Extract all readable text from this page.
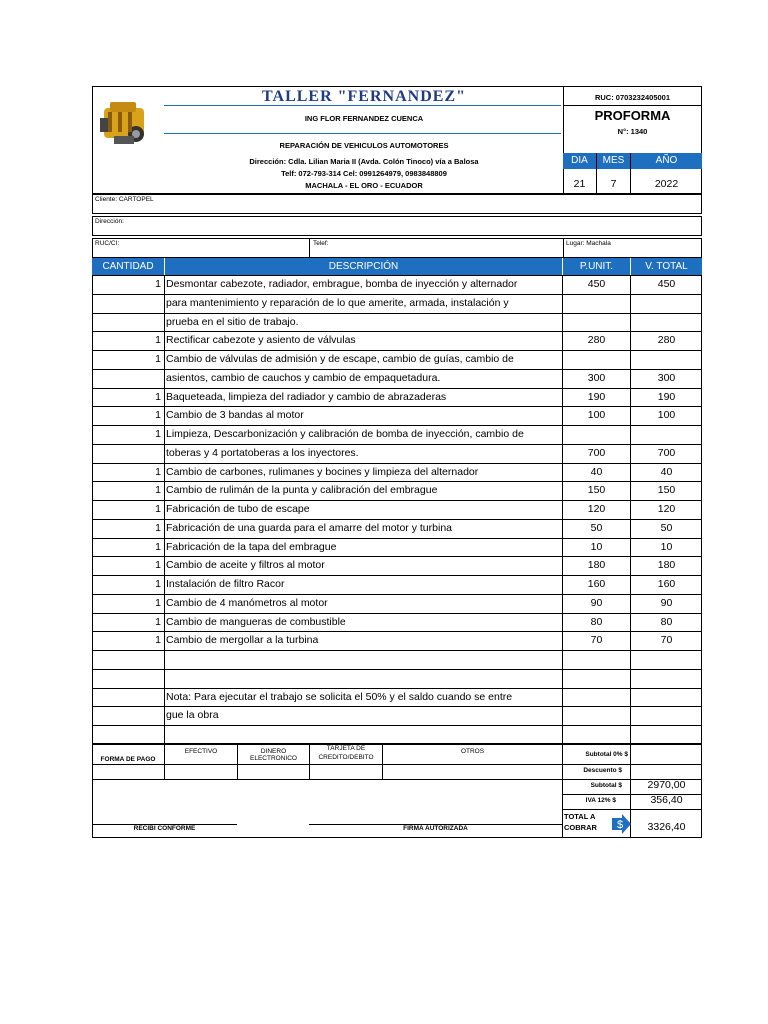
TALLER "FERNANDEZ"
ING FLOR FERNANDEZ CUENCA
REPARACIÓN DE VEHICULOS AUTOMOTORES
Dirección: Cdla. Lilian Maria II (Avda. Colón Tinoco) vía a Balosa
Telf: 072-793-314 Cel: 0991264979, 0983848809
MACHALA - EL ORO - ECUADOR
RUC: 0703232405001
PROFORMA
N°: 1340
DIA	MES	AÑO
21	7	2022
Cliente: CARTOPEL
Dirección:
RUC/CI:	Telef:	Lugar: Machala
CANTIDAD	DESCRIPCIÓN	P.UNIT.	V. TOTAL
1 Desmontar cabezote, radiador, embrague, bomba de inyección y alternador	450	450
para mantenimiento y reparación de lo que amerite, armada, instalación y
prueba en el sitio de trabajo.
1 Rectificar cabezote y asiento de válvulas	280	280
1 Cambio de válvulas de admisión y de escape, cambio de guías, cambio de
asientos, cambio de cauchos y cambio de empaquetadura.	300	300
1 Baqueteada, limpieza del radiador y cambio de abrazaderas	190	190
1 Cambio de 3 bandas al motor	100	100
1 Limpieza, Descarbonización y calibración de bomba de inyección, cambio de
toberas y 4 portatoberas a los inyectores.	700	700
1 Cambio de carbones, rulimanes y bocines y limpieza del alternador	40	40
1 Cambio de rulimán de la punta y calibración del embrague	150	150
1 Fabricación de tubo de escape	120	120
1 Fabricación de una guarda para el amarre del motor y turbina	50	50
1 Fabricación de la tapa del embrague	10	10
1 Cambio de aceite y filtros al motor	180	180
1 Instalación de filtro Racor	160	160
1 Cambio de 4 manómetros al motor	90	90
1 Cambio de mangueras de combustible	80	80
1 Cambio de mergollar a la turbina	70	70
Nota: Para ejecutar el trabajo se solicita el 50% y el saldo cuando se entre
gue la obra
FORMA DE PAGO
EFECTIVO	DINERO ELECTRONICO
TARJETA DE CREDITO/DEBITO
OTROS
RECIBI CONFORME	FIRMA AUTORIZADA
Subtotal 0% $
Descuento $
Subtotal $	2970,00
IVA 12% $	356,40
TOTAL A COBRAR	$	3326,40
